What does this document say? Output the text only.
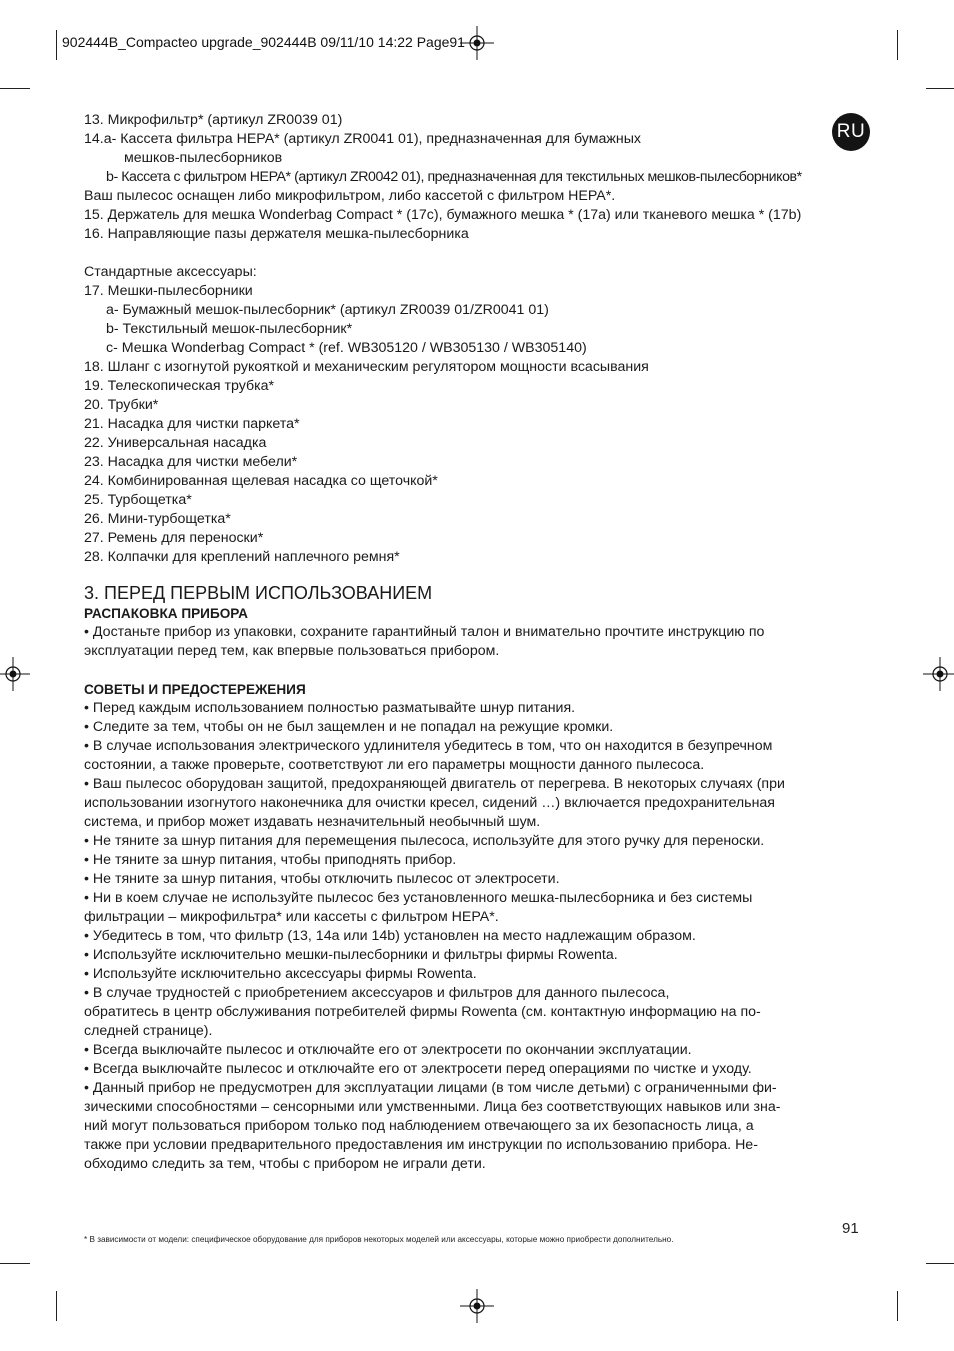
902444B_Compacteo upgrade_902444B 09/11/10 14:22 Page91
RU
13. Микрофильтр* (артикул ZR0039 01)
14.a- Кассета фильтра HEPA* (артикул ZR0041 01), предназначенная для бумажных
мешков-пылесборников
b- Кассета с фильтром HEPA* (артикул ZR0042 01), предназначенная для текстильных мешков-пылесборников*
Ваш пылесос оснащен либо микрофильтром, либо кассетой с фильтром HEPA*.
15. Держатель для мешка Wonderbag Compact * (17с), бумажного мешка * (17a) или тканевого мешка * (17b)
16. Направляющие пазы держателя мешка-пылесборника
Стандартные аксессуары:
17. Мешки-пылесборники
a- Бумажный мешок-пылесборник* (артикул ZR0039 01/ZR0041 01)
b- Текстильный мешок-пылесборник*
c- Мешка Wonderbag Compact * (ref. WB305120 / WB305130 / WB305140)
18. Шланг с изогнутой рукояткой и механическим регулятором мощности всасывания
19. Телескопическая трубка*
20. Трубки*
21. Насадка для чистки паркета*
22. Универсальная насадка
23. Насадка для чистки мебели*
24. Комбинированная щелевая насадка со щеточкой*
25. Турбощетка*
26. Мини-турбощетка*
27. Ремень для переноски*
28. Колпачки для креплений наплечного ремня*
3. ПЕРЕД ПЕРВЫМ ИСПОЛЬЗОВАНИЕМ
РАСПАКОВКА ПРИБОРА
• Достаньте прибор из упаковки, сохраните гарантийный талон и внимательно прочтите инструкцию по
эксплуатации перед тем, как впервые пользоваться прибором.
СОВЕТЫ И ПРЕДОСТЕРЕЖЕНИЯ
• Перед каждым использованием полностью разматывайте шнур питания.
• Следите за тем, чтобы он не был защемлен и не попадал на режущие кромки.
• В случае использования электрического удлинителя убедитесь в том, что он находится в безупречном
состоянии, а также проверьте, соответствуют ли его параметры мощности данного пылесоса.
• Ваш пылесос оборудован защитой, предохраняющей двигатель от перегрева. В некоторых случаях (при
использовании изогнутого наконечника для очистки кресел, сидений …) включается предохранительная
система, и прибор может издавать незначительный необычный шум.
• Не тяните за шнур питания для перемещения пылесоса, используйте для этого ручку для переноски.
• Не тяните за шнур питания, чтобы приподнять прибор.
• Не тяните за шнур питания, чтобы отключить пылесос от электросети.
• Ни в коем случае не используйте пылесос без установленного мешка-пылесборника и без системы
фильтрации – микрофильтра* или кассеты с фильтром HEPA*.
• Убедитесь в том, что фильтр (13, 14а или 14b) установлен на место надлежащим образом.
• Используйте исключительно мешки-пылесборники и фильтры фирмы Rowenta.
• Используйте исключительно аксессуары фирмы Rowenta.
• В случае трудностей с приобретением аксессуаров и фильтров для данного пылесоса,
обратитесь в центр обслуживания потребителей фирмы Rowenta (см. контактную информацию на по-
следней странице).
• Всегда выключайте пылесос и отключайте его от электросети по окончании эксплуатации.
• Всегда выключайте пылесос и отключайте его от электросети перед операциями по чистке и уходу.
• Данный прибор не предусмотрен для эксплуатации лицами (в том числе детьми) с ограниченными фи-
зическими способностями – сенсорными или умственными. Лица без соответствующих навыков или зна-
ний могут пользоваться прибором только под наблюдением отвечающего за их безопасность лица, а
также при условии предварительного предоставления им инструкции по использованию прибора. Не-
обходимо следить за тем, чтобы с прибором не играли дети.
91
* В зависимости от модели: специфическое оборудование для приборов некоторых моделей или аксессуары, которые можно приобрести дополнительно.
